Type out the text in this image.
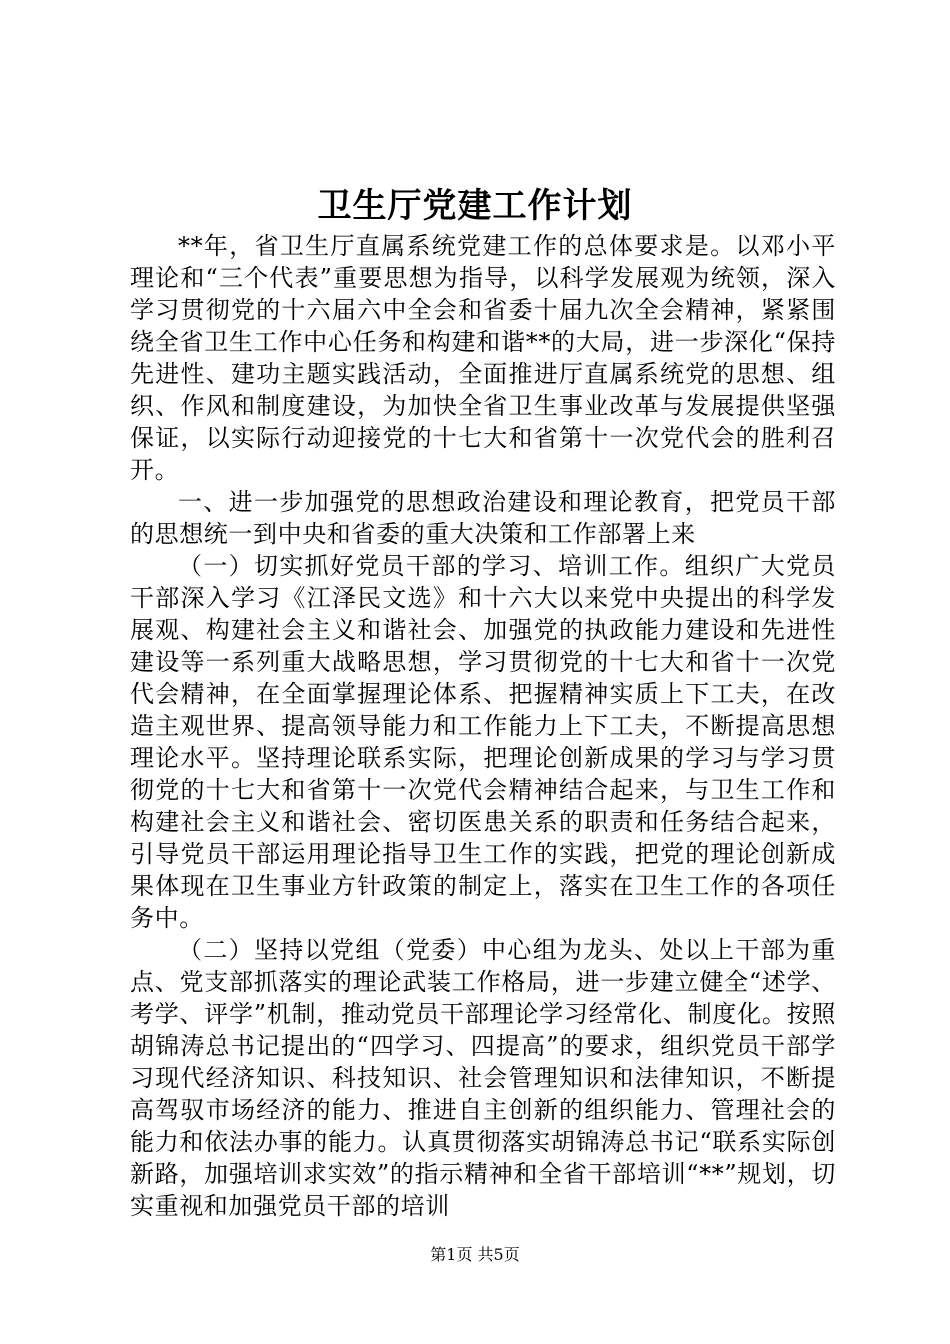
卫生厅党建工作计划

**年，省卫生厅直属系统党建工作的总体要求是。以邓小平理论和“三个代表”重要思想为指导，以科学发展观为统领，深入学习贯彻党的十六届六中全会和省委十届九次全会精神，紧紧围绕全省卫生工作中心任务和构建和谐**的大局，进一步深化“保持先进性、建功主题实践活动，全面推进厅直属系统党的思想、组织、作风和制度建设，为加快全省卫生事业改革与发展提供坚强保证，以实际行动迎接党的十七大和省第十一次党代会的胜利召开。

一、进一步加强党的思想政治建设和理论教育，把党员干部的思想统一到中央和省委的重大决策和工作部署上来

（一）切实抓好党员干部的学习、培训工作。组织广大党员干部深入学习《江泽民文选》和十六大以来党中央提出的科学发展观、构建社会主义和谐社会、加强党的执政能力建设和先进性建设等一系列重大战略思想，学习贯彻党的十七大和省十一次党代会精神，在全面掌握理论体系、把握精神实质上下工夫，在改造主观世界、提高领导能力和工作能力上下工夫，不断提高思想理论水平。坚持理论联系实际，把理论创新成果的学习与学习贯彻党的十七大和省第十一次党代会精神结合起来，与卫生工作和构建社会主义和谐社会、密切医患关系的职责和任务结合起来，引导党员干部运用理论指导卫生工作的实践，把党的理论创新成果体现在卫生事业方针政策的制定上，落实在卫生工作的各项任务中。

（二）坚持以党组（党委）中心组为龙头、处以上干部为重点、党支部抓落实的理论武装工作格局，进一步建立健全“述学、考学、评学”机制，推动党员干部理论学习经常化、制度化。按照胡锦涛总书记提出的“四学习、四提高”的要求，组织党员干部学习现代经济知识、科技知识、社会管理知识和法律知识，不断提高驾驭市场经济的能力、推进自主创新的组织能力、管理社会的能力和依法办事的能力。认真贯彻落实胡锦涛总书记“联系实际创新路，加强培训求实效”的指示精神和全省干部培训“**”规划，切实重视和加强党员干部的培训

第1页 共5页
